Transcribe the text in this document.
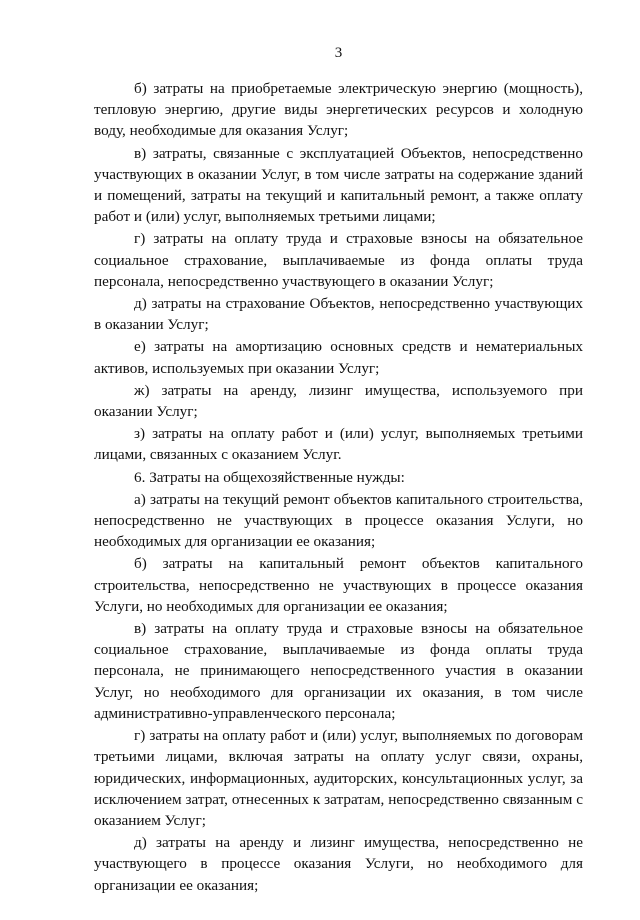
3

б) затраты на приобретаемые электрическую энергию (мощность), тепловую энергию, другие виды энергетических ресурсов и холодную воду, необходимые для оказания Услуг;

в) затраты, связанные с эксплуатацией Объектов, непосредственно участвующих в оказании Услуг, в том числе затраты на содержание зданий и помещений, затраты на текущий и капитальный ремонт, а также оплату работ и (или) услуг, выполняемых третьими лицами;

г) затраты на оплату труда и страховые взносы на обязательное социальное страхование, выплачиваемые из фонда оплаты труда персонала, непосредственно участвующего в оказании Услуг;

д) затраты на страхование Объектов, непосредственно участвующих в оказании Услуг;

е) затраты на амортизацию основных средств и нематериальных активов, используемых при оказании Услуг;

ж) затраты на аренду, лизинг имущества, используемого при оказании Услуг;

з) затраты на оплату работ и (или) услуг, выполняемых третьими лицами, связанных с оказанием Услуг.

6. Затраты на общехозяйственные нужды:

а) затраты на текущий ремонт объектов капитального строительства, непосредственно не участвующих в процессе оказания Услуги, но необходимых для организации ее оказания;

б) затраты на капитальный ремонт объектов капитального строительства, непосредственно не участвующих в процессе оказания Услуги, но необходимых для организации ее оказания;

в) затраты на оплату труда и страховые взносы на обязательное социальное страхование, выплачиваемые из фонда оплаты труда персонала, не принимающего непосредственного участия в оказании Услуг, но необходимого для организации их оказания, в том числе административно-управленческого персонала;

г) затраты на оплату работ и (или) услуг, выполняемых по договорам третьими лицами, включая затраты на оплату услуг связи, охраны, юридических, информационных, аудиторских, консультационных услуг, за исключением затрат, отнесенных к затратам, непосредственно связанным с оказанием Услуг;

д) затраты на аренду и лизинг имущества, непосредственно не участвующего в процессе оказания Услуги, но необходимого для организации ее оказания;
